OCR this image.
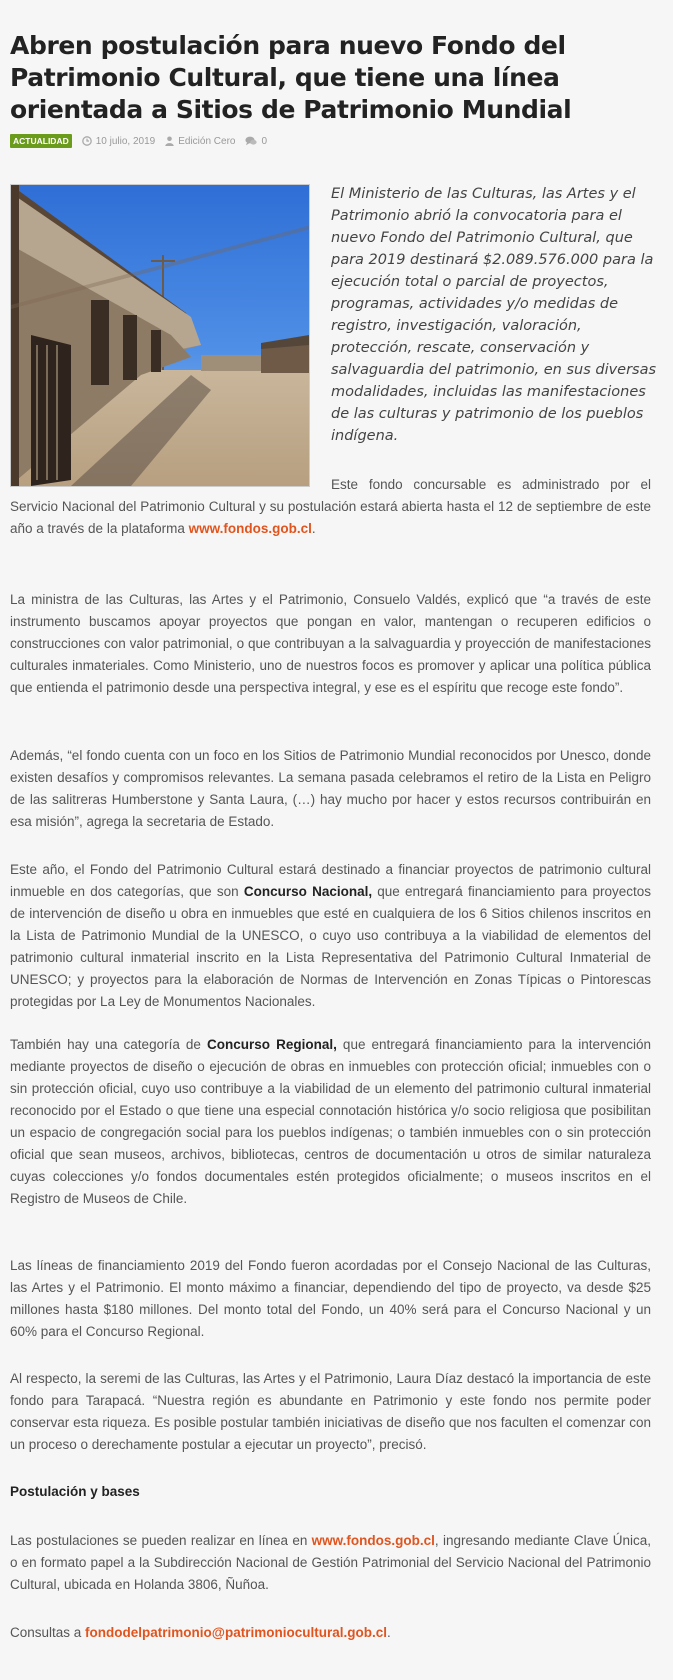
Abren postulación para nuevo Fondo del Patrimonio Cultural, que tiene una línea orientada a Sitios de Patrimonio Mundial
ACTUALIDAD	10 julio, 2019 Edición Cero	0

El Ministerio de las Culturas, las Artes y el Patrimonio abrió la convocatoria para el nuevo Fondo del Patrimonio Cultural, que para 2019 destinará $2.089.576.000 para la ejecución total o parcial de proyectos, programas, actividades y/o medidas de registro, investigación, valoración, protección, rescate, conservación y salvaguardia del patrimonio, en sus diversas modalidades, incluidas las manifestaciones de las culturas y patrimonio de los pueblos indígena.

Este fondo concursable es administrado por el Servicio Nacional del Patrimonio Cultural y su postulación estará abierta hasta el 12 de septiembre de este año a través de la plataforma www.fondos.gob.cl.

La ministra de las Culturas, las Artes y el Patrimonio, Consuelo Valdés, explicó que “a través de este instrumento buscamos apoyar proyectos que pongan en valor, mantengan o recuperen edificios o construcciones con valor patrimonial, o que contribuyan a la salvaguardia y proyección de manifestaciones culturales inmateriales. Como Ministerio, uno de nuestros focos es promover y aplicar una política pública que entienda el patrimonio desde una perspectiva integral, y ese es el espíritu que recoge este fondo”.

Además, “el fondo cuenta con un foco en los Sitios de Patrimonio Mundial reconocidos por Unesco, donde existen desafíos y compromisos relevantes. La semana pasada celebramos el retiro de la Lista en Peligro de las salitreras Humberstone y Santa Laura, (…) hay mucho por hacer y estos recursos contribuirán en esa misión”, agrega la secretaria de Estado.

Este año, el Fondo del Patrimonio Cultural estará destinado a financiar proyectos de patrimonio cultural inmueble en dos categorías, que son Concurso Nacional, que entregará financiamiento para proyectos de intervención de diseño u obra en inmuebles que esté en cualquiera de los 6 Sitios chilenos inscritos en la Lista de Patrimonio Mundial de la UNESCO, o cuyo uso contribuya a la viabilidad de elementos del patrimonio cultural inmaterial inscrito en la Lista Representativa del Patrimonio Cultural Inmaterial de UNESCO; y proyectos para la elaboración de Normas de Intervención en Zonas Típicas o Pintorescas protegidas por La Ley de Monumentos Nacionales.

También hay una categoría de Concurso Regional, que entregará financiamiento para la intervención mediante proyectos de diseño o ejecución de obras en inmuebles con protección oficial; inmuebles con o sin protección oficial, cuyo uso contribuye a la viabilidad de un elemento del patrimonio cultural inmaterial reconocido por el Estado o que tiene una especial connotación histórica y/o socio religiosa que posibilitan un espacio de congregación social para los pueblos indígenas; o también inmuebles con o sin protección oficial que sean museos, archivos, bibliotecas, centros de documentación u otros de similar naturaleza cuyas colecciones y/o fondos documentales estén protegidos oficialmente; o museos inscritos en el Registro de Museos de Chile.

Las líneas de financiamiento 2019 del Fondo fueron acordadas por el Consejo Nacional de las Culturas, las Artes y el Patrimonio. El monto máximo a financiar, dependiendo del tipo de proyecto, va desde $25 millones hasta $180 millones. Del monto total del Fondo, un 40% será para el Concurso Nacional y un 60% para el Concurso Regional.

Al respecto, la seremi de las Culturas, las Artes y el Patrimonio, Laura Díaz destacó la importancia de este fondo para Tarapacá. “Nuestra región es abundante en Patrimonio y este fondo nos permite poder conservar esta riqueza. Es posible postular también iniciativas de diseño que nos faculten el comenzar con un proceso o derechamente postular a ejecutar un proyecto”, precisó.

Postulación y bases

Las postulaciones se pueden realizar en línea en www.fondos.gob.cl, ingresando mediante Clave Única, o en formato papel a la Subdirección Nacional de Gestión Patrimonial del Servicio Nacional del Patrimonio Cultural, ubicada en Holanda 3806, Ñuñoa.

Consultas a fondodelpatrimonio@patrimoniocultural.gob.cl.
